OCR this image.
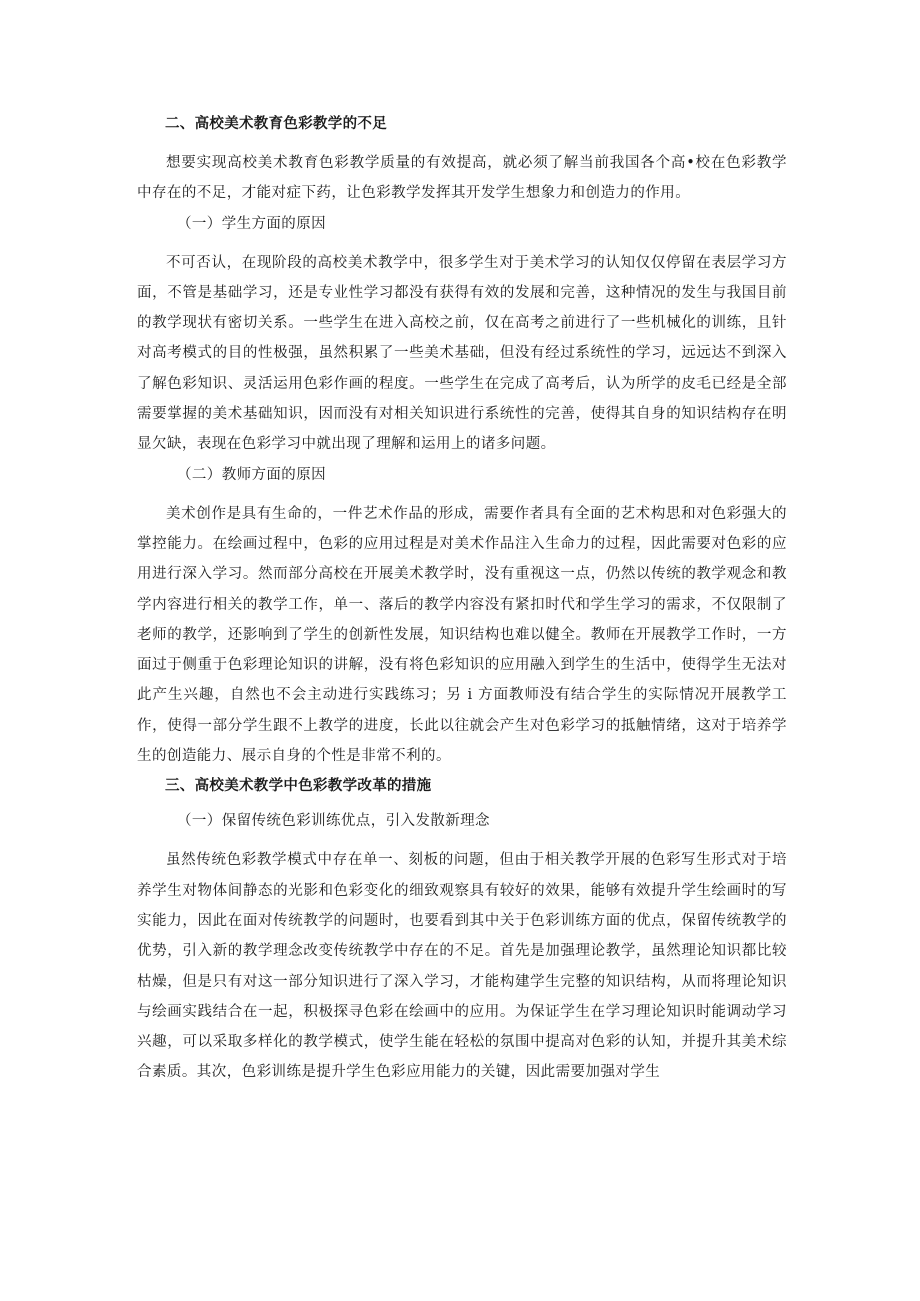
二、高校美术教育色彩教学的不足

想要实现高校美术教育色彩教学质量的有效提高，就必须了解当前我国各个高•校在色彩教学中存在的不足，才能对症下药，让色彩教学发挥其开发学生想象力和创造力的作用。

（一）学生方面的原因

不可否认，在现阶段的高校美术教学中，很多学生对于美术学习的认知仅仅停留在表层学习方面，不管是基础学习，还是专业性学习都没有获得有效的发展和完善，这种情况的发生与我国目前的教学现状有密切关系。一些学生在进入高校之前，仅在高考之前进行了一些机械化的训练，且针对高考模式的目的性极强，虽然积累了一些美术基础，但没有经过系统性的学习，远远达不到深入了解色彩知识、灵活运用色彩作画的程度。一些学生在完成了高考后，认为所学的皮毛已经是全部需要掌握的美术基础知识，因而没有对相关知识进行系统性的完善，使得其自身的知识结构存在明显欠缺，表现在色彩学习中就出现了理解和运用上的诸多问题。

（二）教师方面的原因

美术创作是具有生命的，一件艺术作品的形成，需要作者具有全面的艺术构思和对色彩强大的掌控能力。在绘画过程中，色彩的应用过程是对美术作品注入生命力的过程，因此需要对色彩的应用进行深入学习。然而部分高校在开展美术教学时，没有重视这一点，仍然以传统的教学观念和教学内容进行相关的教学工作，单一、落后的教学内容没有紧扣时代和学生学习的需求，不仅限制了老师的教学，还影响到了学生的创新性发展，知识结构也难以健全。教师在开展教学工作时，一方面过于侧重于色彩理论知识的讲解，没有将色彩知识的应用融入到学生的生活中，使得学生无法对此产生兴趣，自然也不会主动进行实践练习；另 i 方面教师没有结合学生的实际情况开展教学工作，使得一部分学生跟不上教学的进度，长此以往就会产生对色彩学习的抵触情绪，这对于培养学生的创造能力、展示自身的个性是非常不利的。

三、高校美术教学中色彩教学改革的措施
（一）保留传统色彩训练优点，引入发散新理念

虽然传统色彩教学模式中存在单一、刻板的问题，但由于相关教学开展的色彩写生形式对于培养学生对物体间静态的光影和色彩变化的细致观察具有较好的效果，能够有效提升学生绘画时的写实能力，因此在面对传统教学的问题时，也要看到其中关于色彩训练方面的优点，保留传统教学的优势，引入新的教学理念改变传统教学中存在的不足。首先是加强理论教学，虽然理论知识都比较枯燥，但是只有对这一部分知识进行了深入学习，才能构建学生完整的知识结构，从而将理论知识与绘画实践结合在一起，积极探寻色彩在绘画中的应用。为保证学生在学习理论知识时能调动学习兴趣，可以采取多样化的教学模式，使学生能在轻松的氛围中提高对色彩的认知，并提升其美术综合素质。其次，色彩训练是提升学生色彩应用能力的关键，因此需要加强对学生
